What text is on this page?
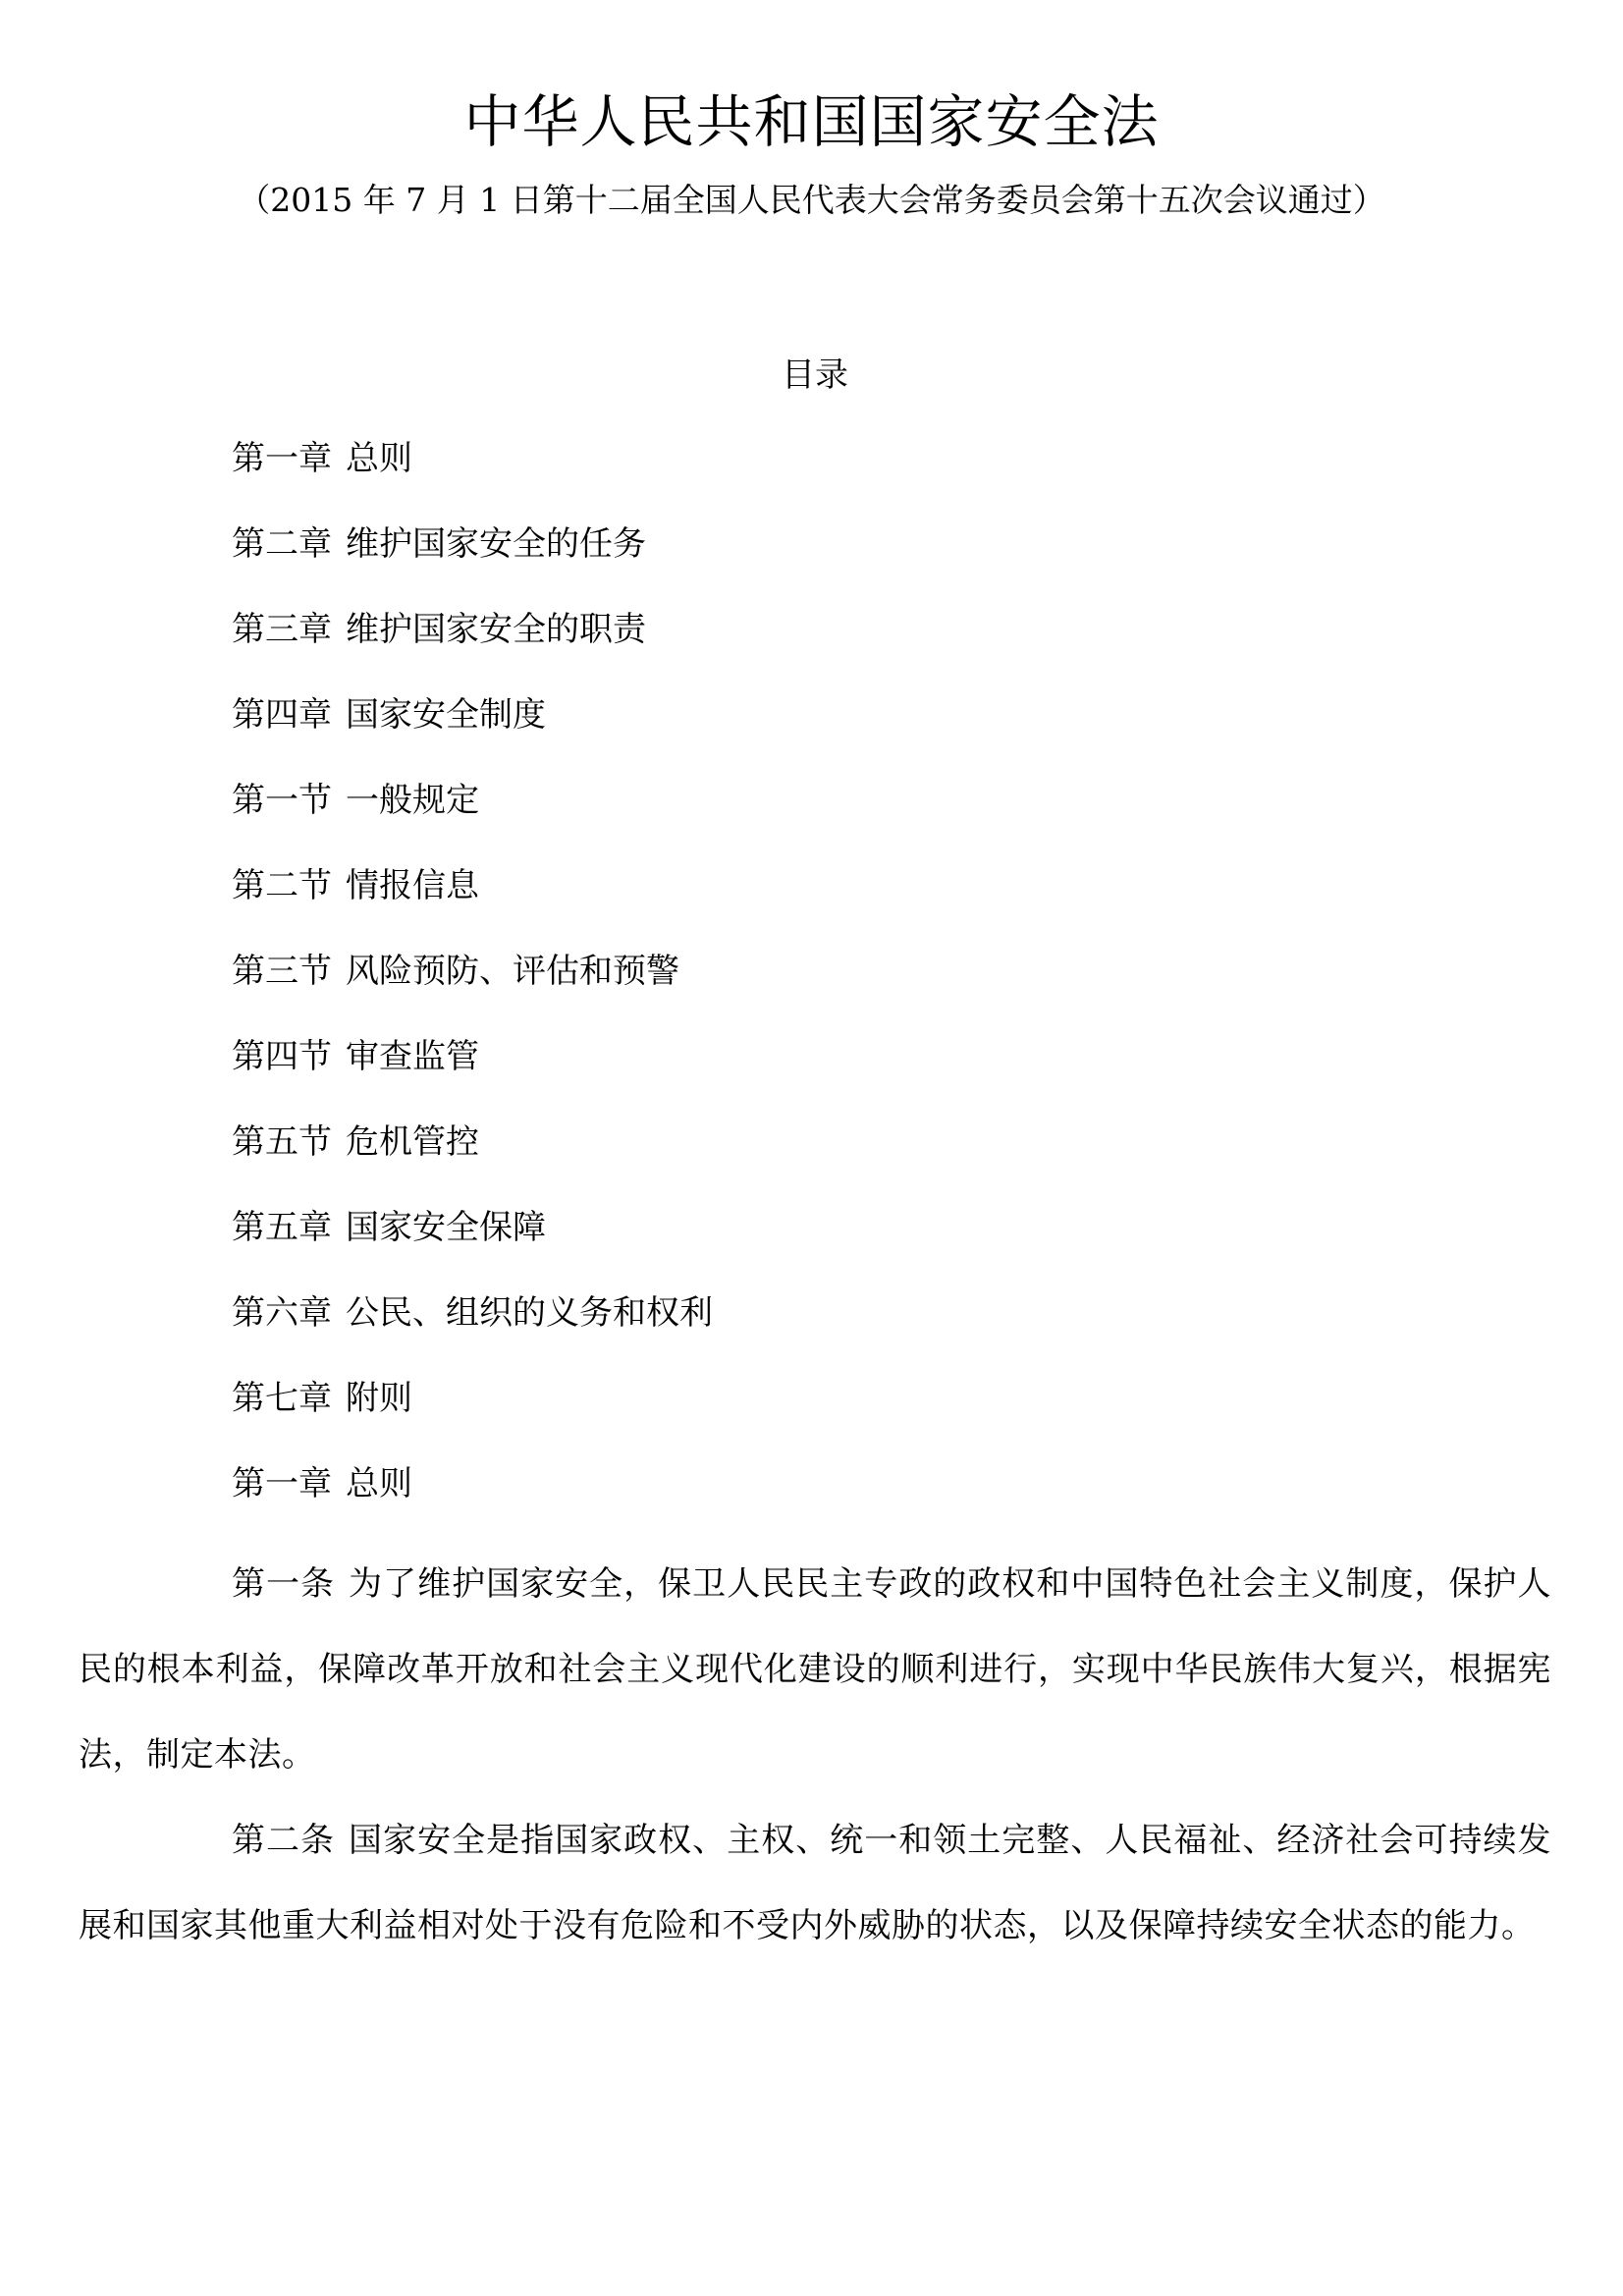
中华人民共和国国家安全法

（2015 年 7 月 1 日第十二届全国人民代表大会常务委员会第十五次会议通过）

目录
第一章 总则
第二章 维护国家安全的任务
第三章 维护国家安全的职责
第四章 国家安全制度
第一节 一般规定
第二节 情报信息
第三节 风险预防、评估和预警
第四节 审查监管
第五节 危机管控
第五章 国家安全保障
第六章 公民、组织的义务和权利
第七章 附则
第一章 总则

第一条 为了维护国家安全，保卫人民民主专政的政权和中国特色社会主义制度，保护人民的根本利益，保障改革开放和社会主义现代化建设的顺利进行，实现中华民族伟大复兴，根据宪法，制定本法。

第二条 国家安全是指国家政权、主权、统一和领土完整、人民福祉、经济社会可持续发展和国家其他重大利益相对处于没有危险和不受内外威胁的状态，以及保障持续安全状态的能力。
